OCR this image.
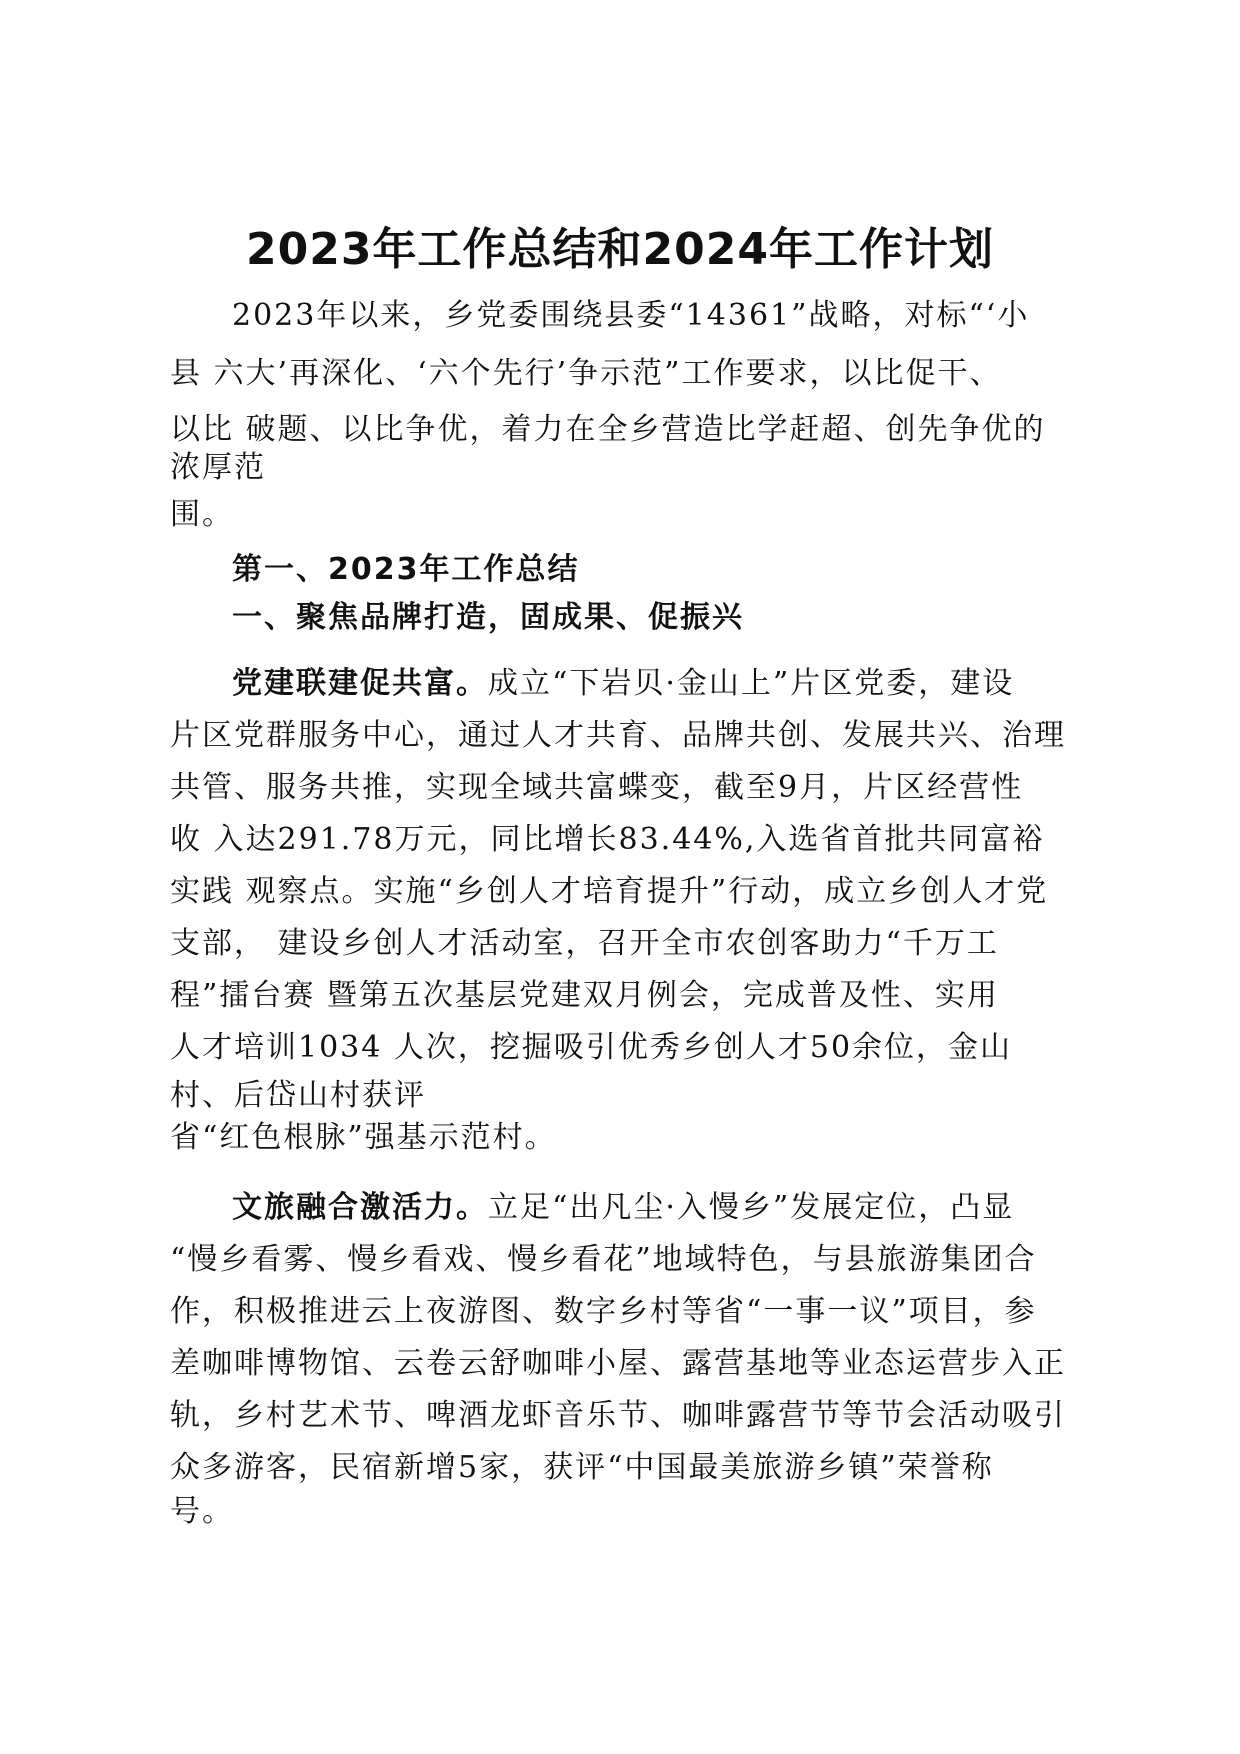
2023年工作总结和2024年工作计划
2023年以来，乡党委围绕县委“14361”战略，对标“‘小
县 六大’再深化、‘六个先行’争示范”工作要求，以比促干、
以比 破题、以比争优，着力在全乡营造比学赶超、创先争优的
浓厚范
围。
第一、2023年工作总结
一、聚焦品牌打造，固成果、促振兴
党建联建促共富。成立“下岩贝·金山上”片区党委，建设
片区党群服务中心，通过人才共育、品牌共创、发展共兴、治理
共管、服务共推，实现全域共富蝶变，截至9月，片区经营性
收 入达291.78万元，同比增长83.44%,入选省首批共同富裕
实践 观察点。实施“乡创人才培育提升”行动，成立乡创人才党
支部， 建设乡创人才活动室，召开全市农创客助力“千万工
程”擂台赛 暨第五次基层党建双月例会，完成普及性、实用
人才培训1034 人次，挖掘吸引优秀乡创人才50余位，金山
村、后岱山村获评
省“红色根脉”强基示范村。
文旅融合激活力。立足“出凡尘·入慢乡”发展定位，凸显
“慢乡看雾、慢乡看戏、慢乡看花”地域特色，与县旅游集团合
作，积极推进云上夜游图、数字乡村等省“一事一议”项目，参
差咖啡博物馆、云卷云舒咖啡小屋、露营基地等业态运营步入正
轨，乡村艺术节、啤酒龙虾音乐节、咖啡露营节等节会活动吸引
众多游客，民宿新增5家，获评“中国最美旅游乡镇”荣誉称
号。
